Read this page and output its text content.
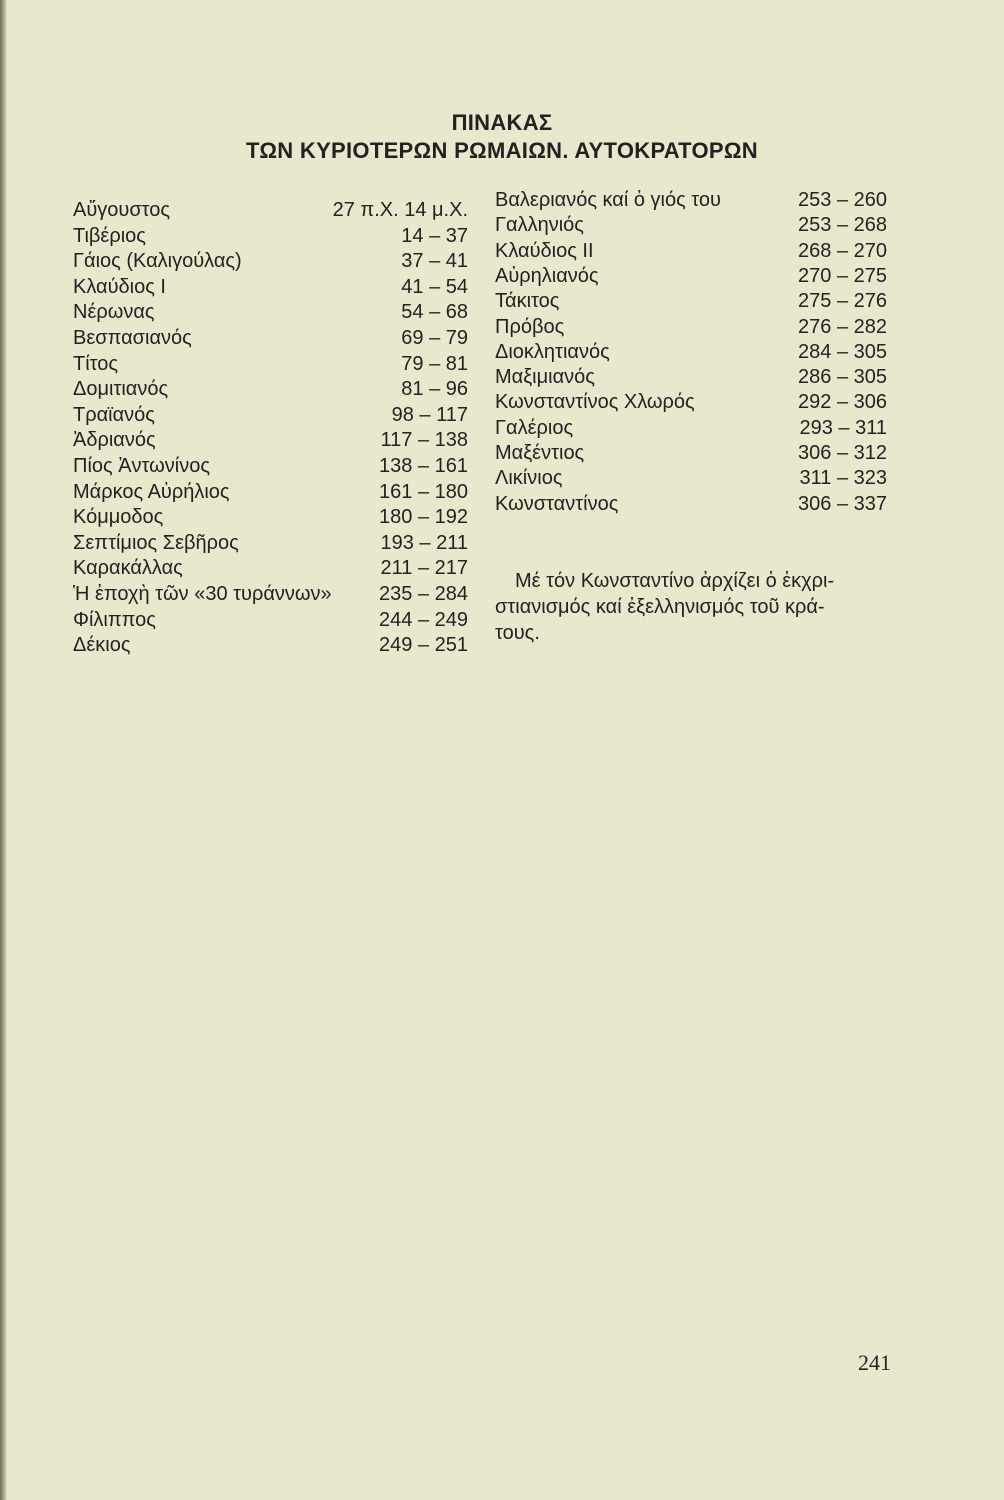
ΠΙΝΑΚΑΣ
ΤΩΝ ΚΥΡΙΟΤΕΡΩΝ ΡΩΜΑΙΩΝ. ΑΥΤΟΚΡΑΤΟΡΩΝ
Αὔγουστος	27 π.Χ. 14 μ.Χ.
Τιβέριος	14 – 37
Γάιος (Καλιγούλας)	37 – 41
Κλαύδιος Ι	41 – 54
Νέρωνας	54 – 68
Βεσπασιανός	69 – 79
Τίτος	79 – 81
Δομιτιανός	81 – 96
Τραϊανός	98 – 117
Ἀδριανός	117 – 138
Πίος Ἀντωνίνος	138 – 161
Μάρκος Αὐρήλιος	161 – 180
Κόμμοδος	180 – 192
Σεπτίμιος Σεβῆρος	193 – 211
Καρακάλλας	211 – 217
Ἡ ἐποχὴ τῶν «30 τυράννων» 235 – 284
Φίλιππος	244 – 249
Δέκιος	249 – 251
Βαλεριανός καί ὁ γιός του	253 – 260
Γαλληνιός	253 – 268
Κλαύδιος ΙΙ	268 – 270
Αὐρηλιανός	270 – 275
Τάκιτος	275 – 276
Πρόβος	276 – 282
Διοκλητιανός	284 – 305
Μαξιμιανός	286 – 305
Κωνσταντίνος Χλωρός	292 – 306
Γαλέριος	293 – 311
Μαξέντιος	306 – 312
Λικίνιος	311 – 323
Κωνσταντίνος	306 – 337
Μέ τόν Κωνσταντίνο ἀρχίζει ὁ ἐκχρι-
στιανισμός καί ἐξελληνισμός τοῦ κρά-
τους.
241
